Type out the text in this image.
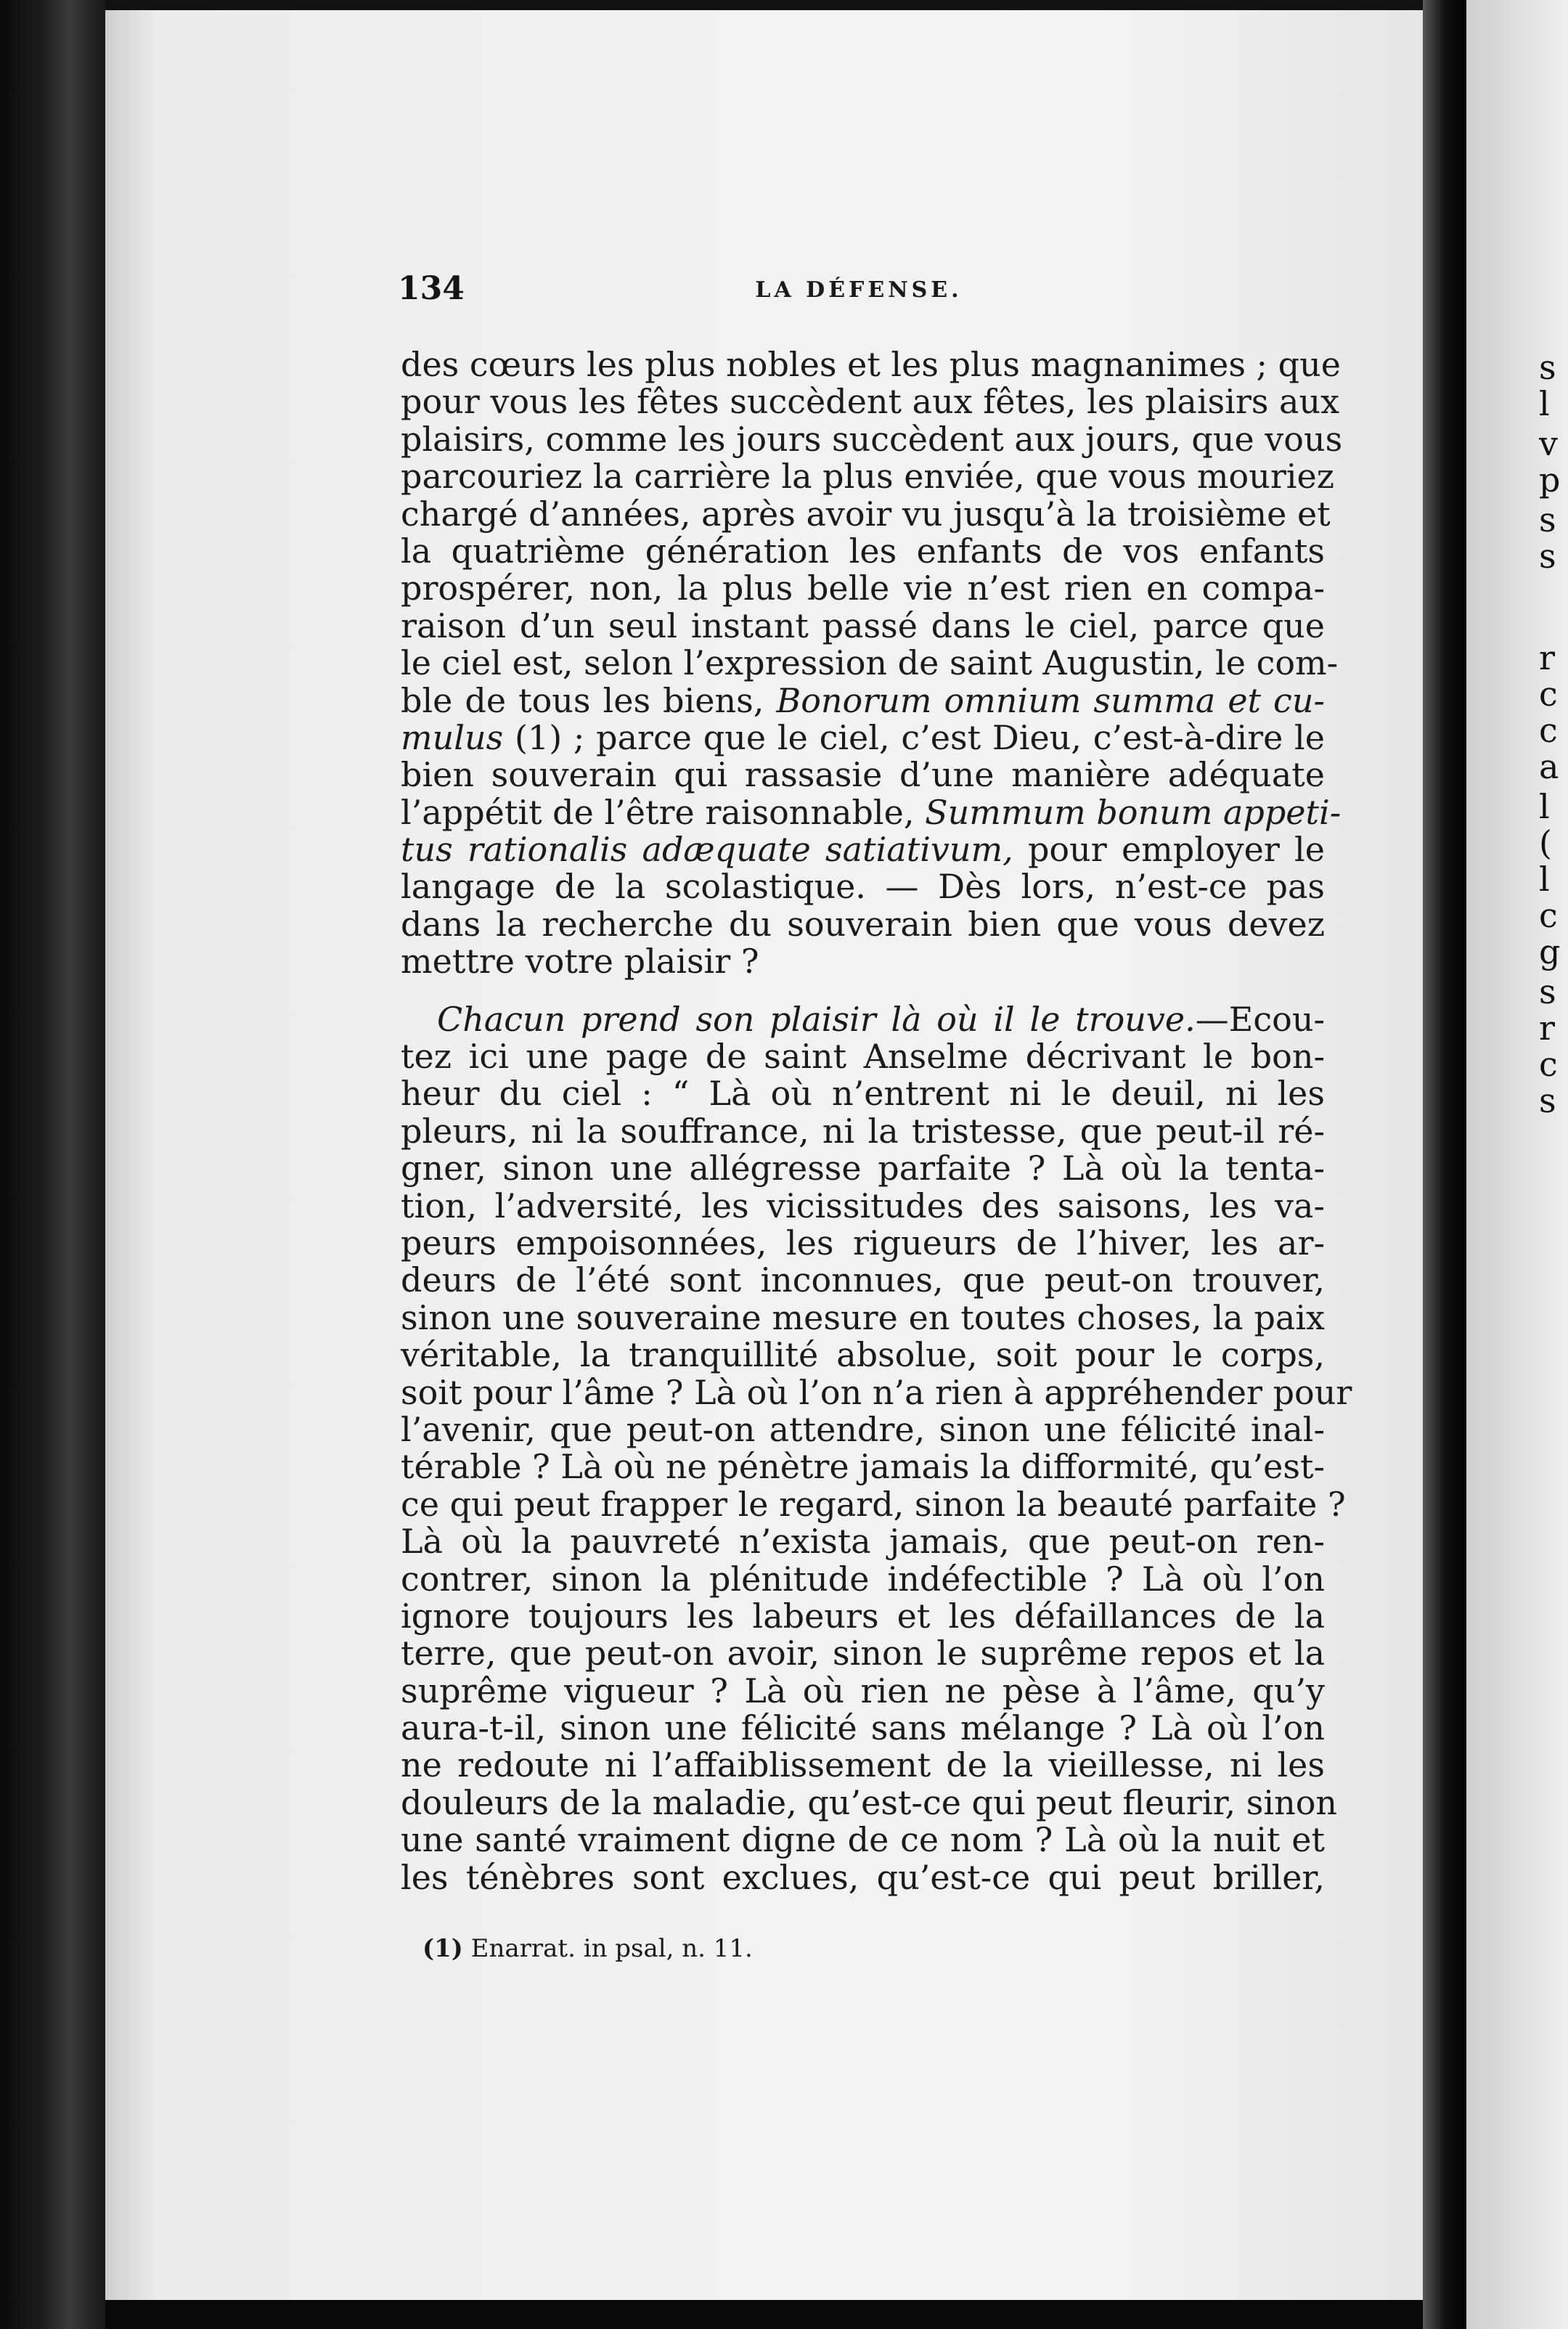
s
l
v
p
s
s
r
c
c
a
l
(
l
c
g
s
r
c
s
134	LA DÉFENSE.
des cœurs les plus nobles et les plus magnanimes ; que
pour vous les fêtes succèdent aux fêtes, les plaisirs aux
plaisirs, comme les jours succèdent aux jours, que vous
parcouriez la carrière la plus enviée, que vous mouriez
chargé d’années, après avoir vu jusqu’à la troisième et
la quatrième génération les enfants de vos enfants
prospérer, non, la plus belle vie n’est rien en compa-
raison d’un seul instant passé dans le ciel, parce que
le ciel est, selon l’expression de saint Augustin, le com-
ble de tous les biens, Bonorum omnium summa et cu-
mulus (1) ; parce que le ciel, c’est Dieu, c’est-à-dire le
bien souverain qui rassasie d’une manière adéquate
l’appétit de l’être raisonnable, Summum bonum appeti-
tus rationalis adæquate satiativum, pour employer le
langage de la scolastique. — Dès lors, n’est-ce pas
dans la recherche du souverain bien que vous devez
mettre votre plaisir ?
Chacun prend son plaisir là où il le trouve.—Ecou-
tez ici une page de saint Anselme décrivant le bon-
heur du ciel : “ Là où n’entrent ni le deuil, ni les
pleurs, ni la souffrance, ni la tristesse, que peut-il ré-
gner, sinon une allégresse parfaite ? Là où la tenta-
tion, l’adversité, les vicissitudes des saisons, les va-
peurs empoisonnées, les rigueurs de l’hiver, les ar-
deurs de l’été sont inconnues, que peut-on trouver,
sinon une souveraine mesure en toutes choses, la paix
véritable, la tranquillité absolue, soit pour le corps,
soit pour l’âme ? Là où l’on n’a rien à appréhender pour
l’avenir, que peut-on attendre, sinon une félicité inal-
térable ? Là où ne pénètre jamais la difformité, qu’est-
ce qui peut frapper le regard, sinon la beauté parfaite ?
Là où la pauvreté n’exista jamais, que peut-on ren-
contrer, sinon la plénitude indéfectible ? Là où l’on
ignore toujours les labeurs et les défaillances de la
terre, que peut-on avoir, sinon le suprême repos et la
suprême vigueur ? Là où rien ne pèse à l’âme, qu’y
aura-t-il, sinon une félicité sans mélange ? Là où l’on
ne redoute ni l’affaiblissement de la vieillesse, ni les
douleurs de la maladie, qu’est-ce qui peut fleurir, sinon
une santé vraiment digne de ce nom ? Là où la nuit et
les ténèbres sont exclues, qu’est-ce qui peut briller,
(1) Enarrat. in psal, n. 11.
